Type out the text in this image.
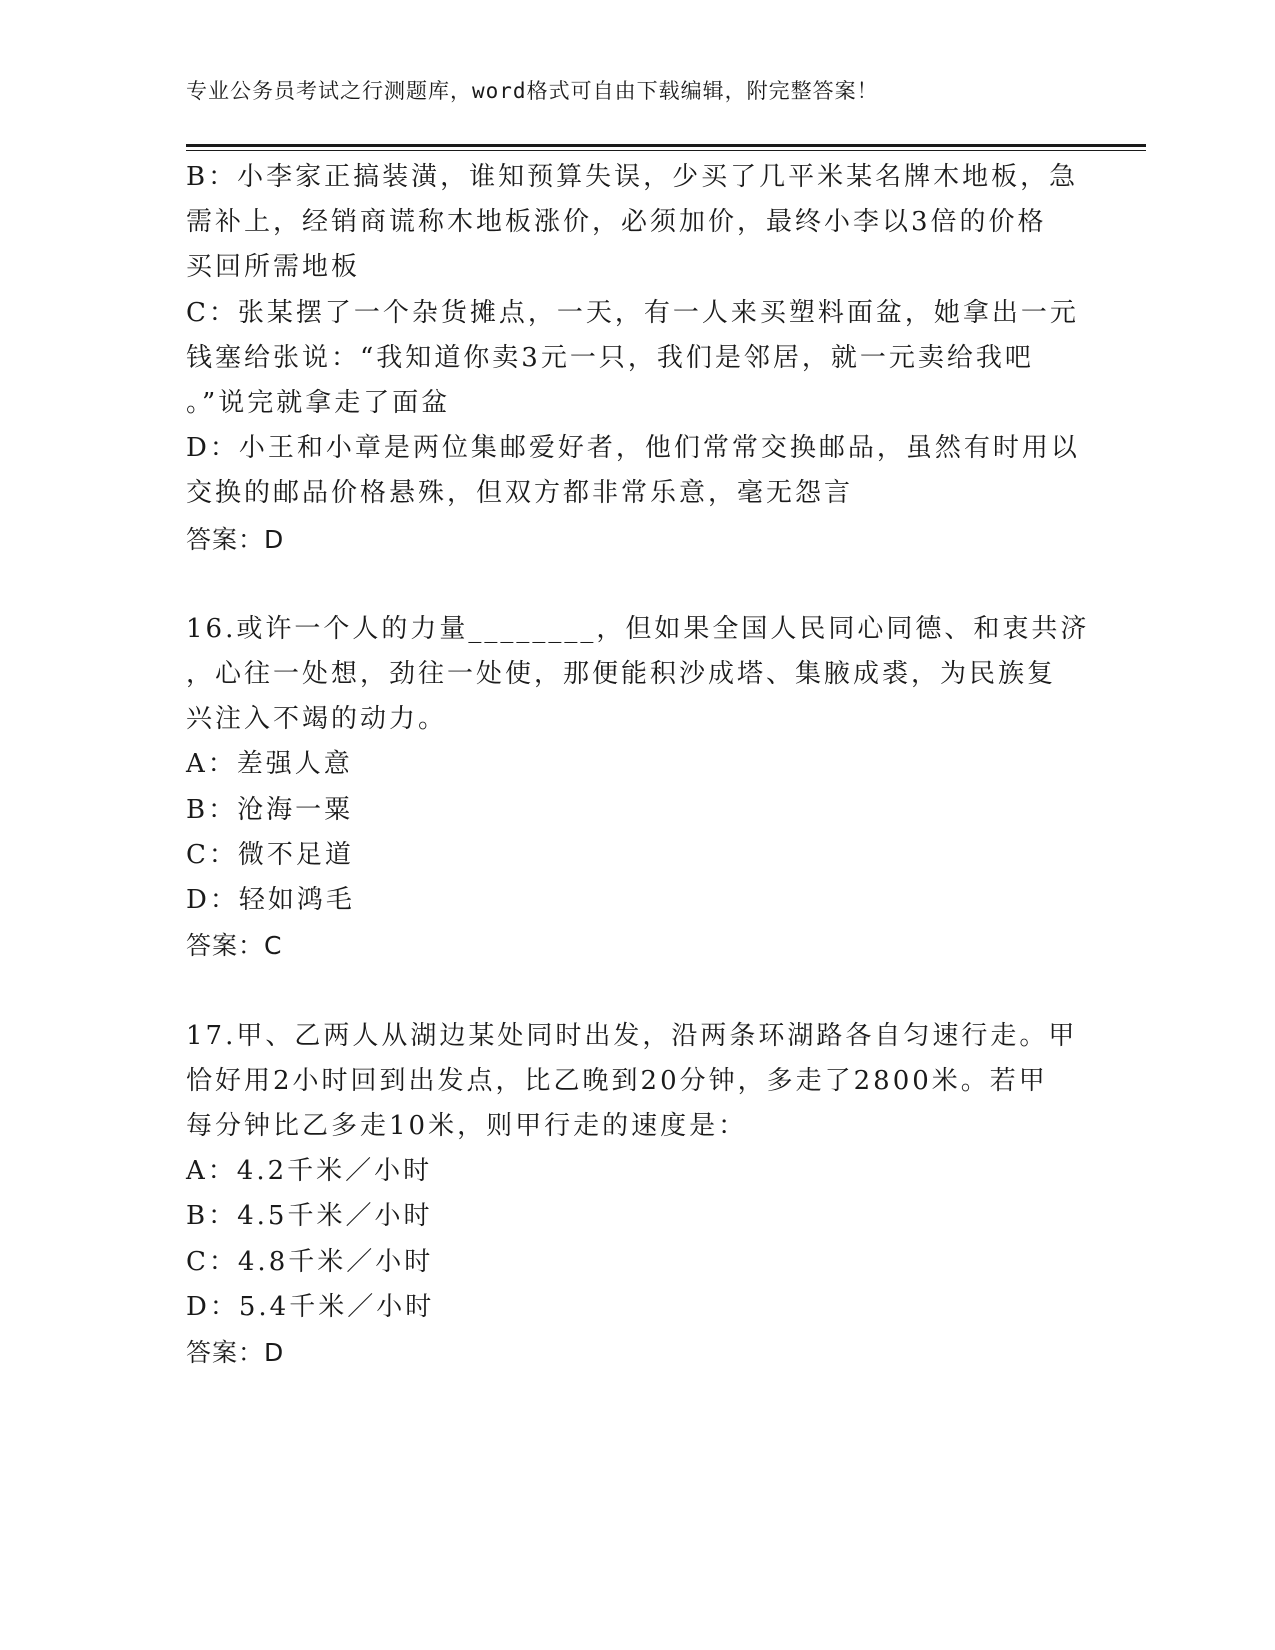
专业公务员考试之行测题库，word格式可自由下载编辑，附完整答案！
B：小李家正搞装潢，谁知预算失误，少买了几平米某名牌木地板，急
需补上，经销商谎称木地板涨价，必须加价，最终小李以3倍的价格
买回所需地板
C：张某摆了一个杂货摊点，一天，有一人来买塑料面盆，她拿出一元
钱塞给张说：“我知道你卖3元一只，我们是邻居，就一元卖给我吧
。”说完就拿走了面盆
D：小王和小章是两位集邮爱好者，他们常常交换邮品，虽然有时用以
交换的邮品价格悬殊，但双方都非常乐意，毫无怨言
答案：D
16.或许一个人的力量________，但如果全国人民同心同德、和衷共济
，心往一处想，劲往一处使，那便能积沙成塔、集腋成裘，为民族复
兴注入不竭的动力。
A：差强人意
B：沧海一粟
C：微不足道
D：轻如鸿毛
答案：C
17.甲、乙两人从湖边某处同时出发，沿两条环湖路各自匀速行走。甲
恰好用2小时回到出发点，比乙晚到20分钟，多走了2800米。若甲
每分钟比乙多走10米，则甲行走的速度是：
A：4.2千米／小时
B：4.5千米／小时
C：4.8千米／小时
D：5.4千米／小时
答案：D
